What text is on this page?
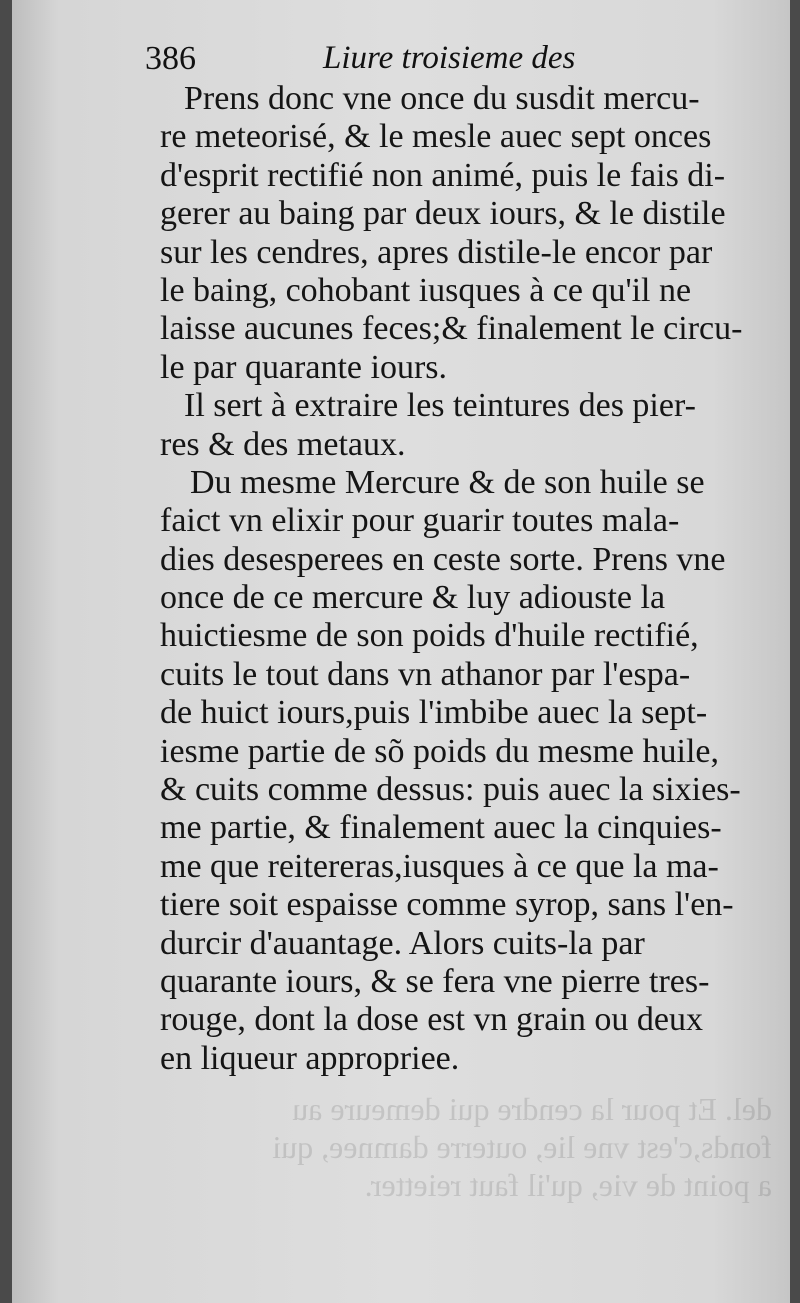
del. Et pour la cendre qui demeure au
fonds,c'est vne lie, outerre damnee, qui
a point de vie, qu'il faut reietter.
386	Liure troisieme des
Prens donc vne once du susdit mercu-
re meteorisé, & le mesle auec sept onces
d'esprit rectifié non animé, puis le fais di-
gerer au baing par deux iours, & le distile
sur les cendres, apres distile-le encor par
le baing, cohobant iusques à ce qu'il ne
laisse aucunes feces;& finalement le circu-
le par quarante iours.
Il sert à extraire les teintures des pier-
res & des metaux.
Du mesme Mercure & de son huile se
faict vn elixir pour guarir toutes mala-
dies desesperees en ceste sorte. Prens vne
once de ce mercure & luy adiouste la
huictiesme de son poids d'huile rectifié,
cuits le tout dans vn athanor par l'espa-
de huict iours,puis l'imbibe auec la sept-
iesme partie de sõ poids du mesme huile,
& cuits comme dessus: puis auec la sixies-
me partie, & finalement auec la cinquies-
me que reitereras,iusques à ce que la ma-
tiere soit espaisse comme syrop, sans l'en-
durcir d'auantage. Alors cuits-la par
quarante iours, & se fera vne pierre tres-
rouge, dont la dose est vn grain ou deux
en liqueur appropriee.
